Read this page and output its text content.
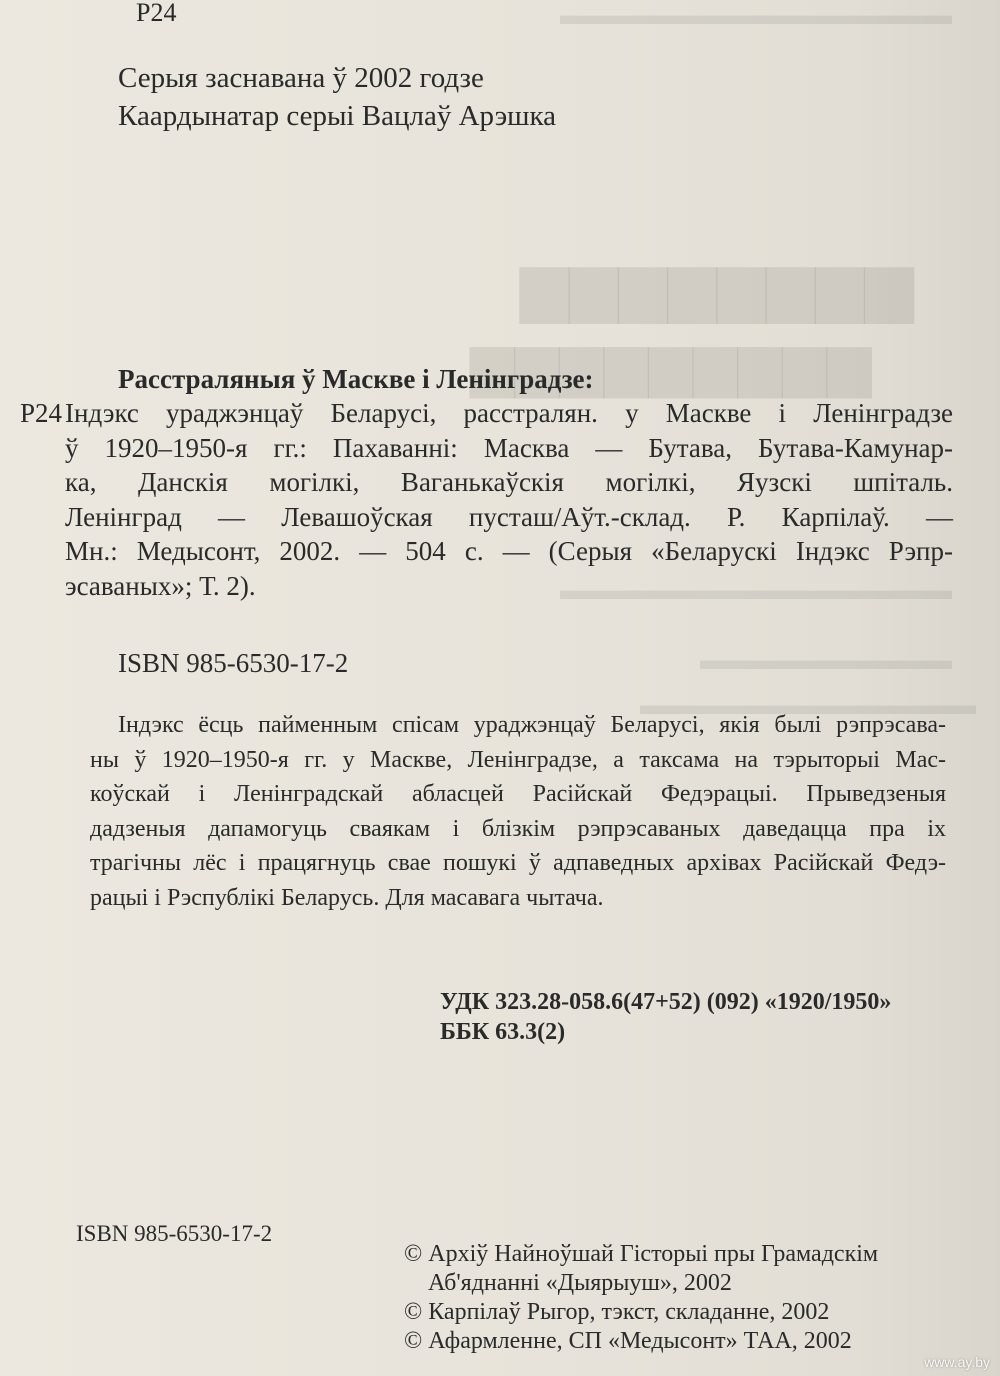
▆▆▆▆▆▆▆▆
▆▆▆▆▆▆▆▆▆
▬▬▬▬▬▬▬▬▬▬▬▬▬▬
▬▬▬▬▬▬▬▬▬
▬▬▬▬▬▬▬▬▬▬▬▬
▬▬▬▬▬▬▬▬▬▬▬▬▬▬
Р24
Серыя заснавана ў 2002 годзе
Каардынатар серыі Вацлаў Арэшка
Расстраляныя ў Маскве і Ленінградзе:
Р24 Індэкс ураджэнцаў Беларусі, расстралян. у Маскве і Ленінградзе
ў 1920–1950-я гг.: Пахаванні: Масква — Бутава, Бутава-Камунар-
ка, Данскія могілкі, Ваганькаўскія могілкі, Яузскі шпіталь.
Ленінград — Левашоўская пусташ/Аўт.-склад. Р. Карпілаў. —
Мн.: Медысонт, 2002. — 504 с. — (Серыя «Беларускі Індэкс Рэпр-
эсаваных»; Т. 2).
ISBN 985-6530-17-2
Індэкс ёсць пайменным спісам ураджэнцаў Беларусі, якія былі рэпрэсава-
ны ў 1920–1950-я гг. у Маскве, Ленінградзе, а таксама на тэрыторыі Мас-
коўскай і Ленінградскай абласцей Расійскай Федэрацыі. Прыведзеныя
дадзеныя дапамогуць сваякам і блізкім рэпрэсаваных даведацца пра іх
трагічны лёс і працягнуць свае пошукі ў адпаведных архівах Расійскай Федэ-
рацыі і Рэспублікі Беларусь. Для масавага чытача.
УДК 323.28-058.6(47+52) (092) «1920/1950»
ББК 63.3(2)
ISBN 985-6530-17-2
© Архіў Найноўшай Гісторыі пры Грамадскім
Аб'яднанні «Дыярыуш», 2002
© Карпілаў Рыгор, тэкст, складанне, 2002
© Афармленне, СП «Медысонт» ТАА, 2002
www.ay.by
